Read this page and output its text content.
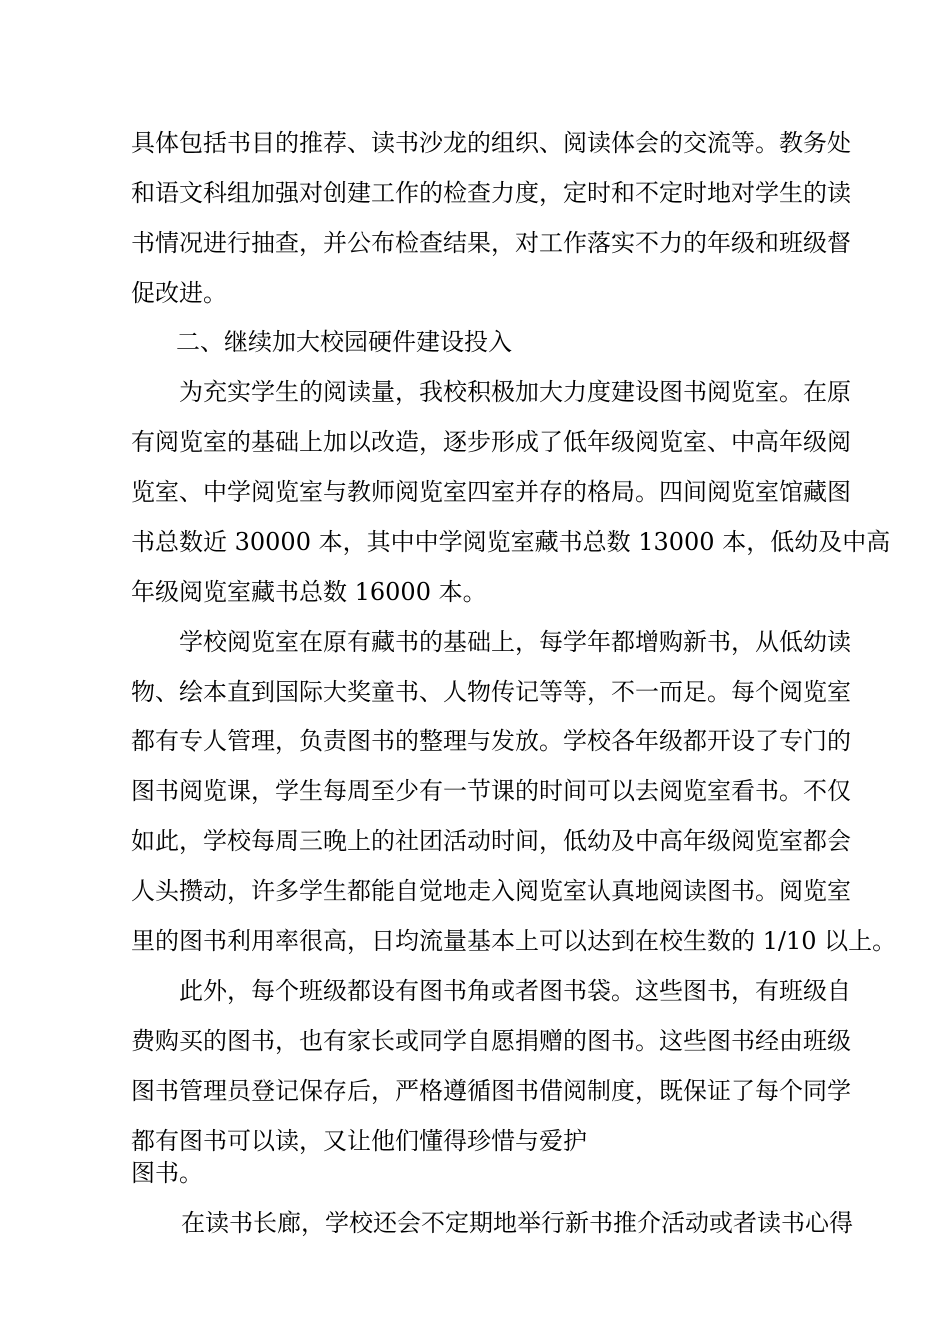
具体包括书目的推荐、读书沙龙的组织、阅读体会的交流等。教务处
和语文科组加强对创建工作的检查力度，定时和不定时地对学生的读
书情况进行抽查，并公布检查结果，对工作落实不力的年级和班级督
促改进。
二、继续加大校园硬件建设投入
为充实学生的阅读量，我校积极加大力度建设图书阅览室。在原
有阅览室的基础上加以改造，逐步形成了低年级阅览室、中高年级阅
览室、中学阅览室与教师阅览室四室并存的格局。四间阅览室馆藏图
书总数近 30000 本，其中中学阅览室藏书总数 13000 本，低幼及中高
年级阅览室藏书总数 16000 本。
学校阅览室在原有藏书的基础上，每学年都增购新书，从低幼读
物、绘本直到国际大奖童书、人物传记等等，不一而足。每个阅览室
都有专人管理，负责图书的整理与发放。学校各年级都开设了专门的
图书阅览课，学生每周至少有一节课的时间可以去阅览室看书。不仅
如此，学校每周三晚上的社团活动时间，低幼及中高年级阅览室都会
人头攒动，许多学生都能自觉地走入阅览室认真地阅读图书。阅览室
里的图书利用率很高，日均流量基本上可以达到在校生数的 1/10 以上。
此外，每个班级都设有图书角或者图书袋。这些图书，有班级自
费购买的图书，也有家长或同学自愿捐赠的图书。这些图书经由班级
图书管理员登记保存后，严格遵循图书借阅制度，既保证了每个同学
都有图书可以读，又让他们懂得珍惜与爱护
图书。
在读书长廊，学校还会不定期地举行新书推介活动或者读书心得
